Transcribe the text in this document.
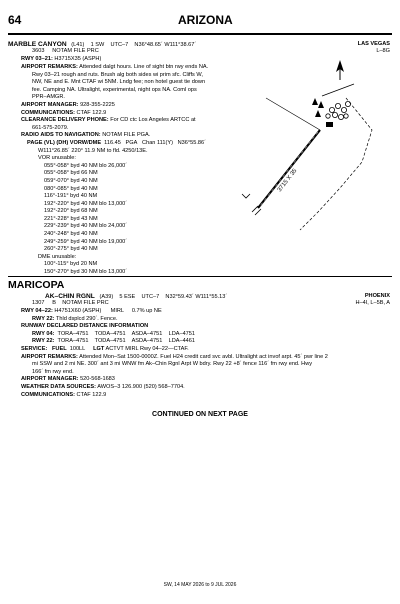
64	ARIZONA
MARBLE CANYON (L41) 1 SW UTC–7 N36°48.65´ W111°38.67´	LAS VEGAS
L–8G
3603 NOTAM FILE PRC
RWY 03–21: H3715X35 (ASPH)
AIRPORT REMARKS: Attended dalgt hours. Line of sight btn rwy ends NA.
Rwy 03–21 rough and ruts. Brush alg both sides wi prim sfc. Cliffs W,
NW, NE and E. Mnt CTAF wi 5NM. Lndg fee; non hotel guest tie down
fee. Camping NA. Ultralight, experimental, night ops NA. Coml ops
PPR–AMGR.
AIRPORT MANAGER: 928-355-2225
COMMUNICATIONS: CTAF 122.9
CLEARANCE DELIVERY PHONE: For CD ctc Los Angeles ARTCC at
661-575-2079.
RADIO AIDS TO NAVIGATION: NOTAM FILE PGA.
PAGE (VL) (DH) VORW/DME 116.45 PGA Chan 111(Y) N36°55.86´
W111°26.85´ 220° 11.9 NM to fld. 4250/13E.
VOR unusable:
055°-058° byd 40 NM blo 26,000´
055°-058° byd 66 NM
059°-070° byd 40 NM
080°-085° byd 40 NM
116°-191° byd 40 NM
192°-220° byd 40 NM blo 13,000´
192°-220° byd 68 NM
221°-228° byd 43 NM
229°-239° byd 40 NM blo 24,000´
240°-248° byd 40 NM
249°-259° byd 40 NM blo 19,000´
260°-275° byd 40 NM
DME unusable:
100°-115° byd 20 NM
150°-270° byd 30 NM blo 13,000´
3715 X 35
MARICOPA
AK–CHIN RGNL (A39) 5 ESE UTC–7 N32°59.43´ W111°55.13´	PHOENIX
H–4I, L–5B, A
1307 B NOTAM FILE PRC
RWY 04–22: H4751X60 (ASPH) MIRL 0.7% up NE
RWY 22: Thld dsplcd 290´. Fence.
RUNWAY DECLARED DISTANCE INFORMATION
RWY 04: TORA–4751 TODA–4751 ASDA–4751 LDA–4751
RWY 22: TORA–4751 TODA–4751 ASDA–4751 LDA–4461
SERVICE: FUEL 100LL LGT ACTVT MIRL Rwy 04–22—CTAF.
AIRPORT REMARKS: Attended Mon–Sat 1500-0000Z. Fuel H24 credit card svc avbl. Ultralight act invof arpt. 45´ pwr line 2
mi SSW and 2 mi NE. 300´ ant 3 mi WNW fm Ak–Chin Rgnl Arpt W bdry. Rwy 22 +8´ fence 116´ fm rwy end. Hwy
166´ fm rwy end.
AIRPORT MANAGER: 520-568-1683
WEATHER DATA SOURCES: AWOS–3 126.900 (520) 568–7704.
COMMUNICATIONS: CTAF 122.9
CONTINUED ON NEXT PAGE
SW, 14 MAY 2026 to 9 JUL 2026
